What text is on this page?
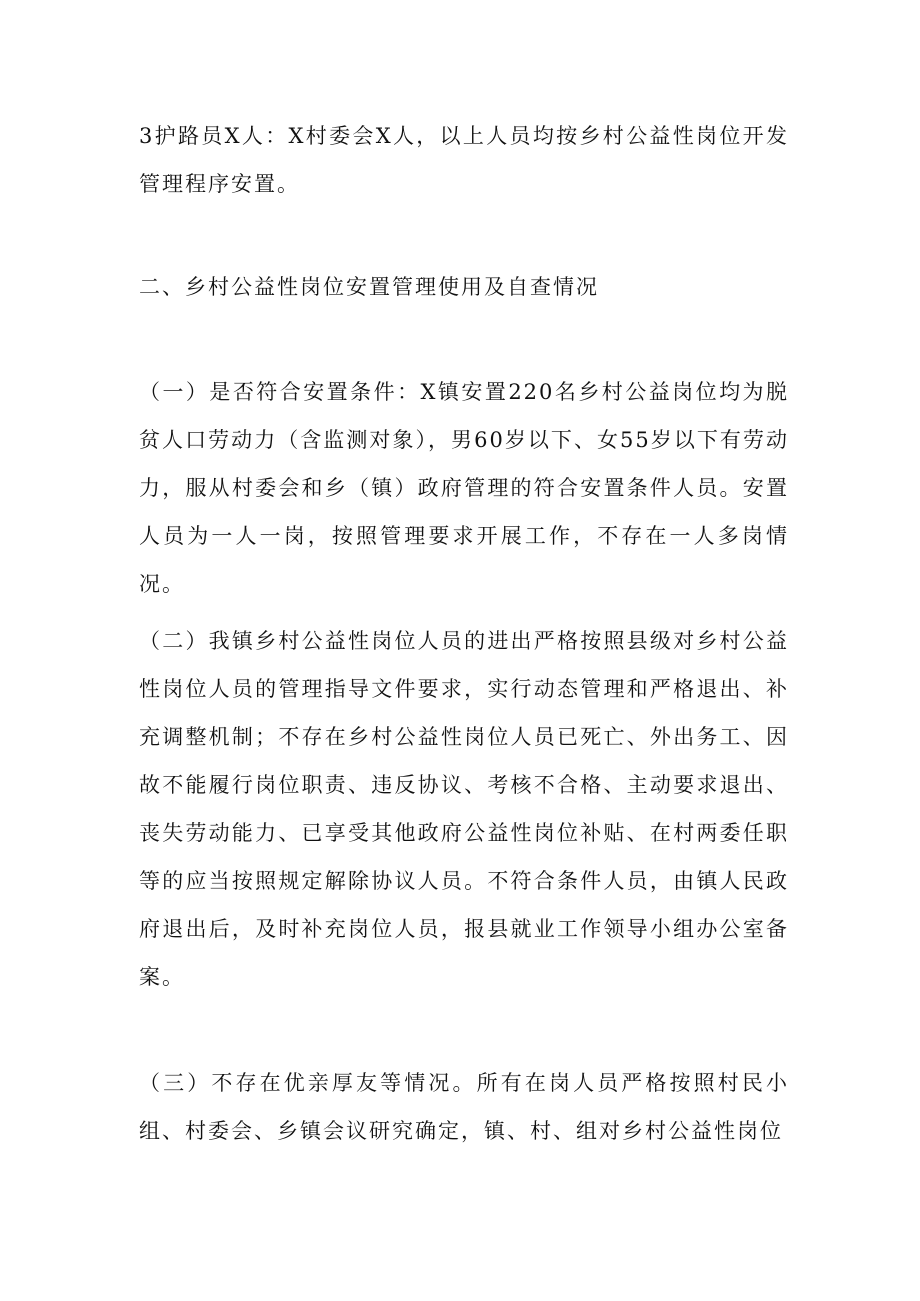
3护路员X人：X村委会X人，以上人员均按乡村公益性岗位开发管理程序安置。

二、乡村公益性岗位安置管理使用及自查情况

（一）是否符合安置条件：X镇安置220名乡村公益岗位均为脱贫人口劳动力（含监测对象），男60岁以下、女55岁以下有劳动力，服从村委会和乡（镇）政府管理的符合安置条件人员。安置人员为一人一岗，按照管理要求开展工作，不存在一人多岗情况。

（二）我镇乡村公益性岗位人员的进出严格按照县级对乡村公益性岗位人员的管理指导文件要求，实行动态管理和严格退出、补充调整机制；不存在乡村公益性岗位人员已死亡、外出务工、因故不能履行岗位职责、违反协议、考核不合格、主动要求退出、丧失劳动能力、已享受其他政府公益性岗位补贴、在村两委任职等的应当按照规定解除协议人员。不符合条件人员，由镇人民政府退出后，及时补充岗位人员，报县就业工作领导小组办公室备案。

（三）不存在优亲厚友等情况。所有在岗人员严格按照村民小组、村委会、乡镇会议研究确定，镇、村、组对乡村公益性岗位
